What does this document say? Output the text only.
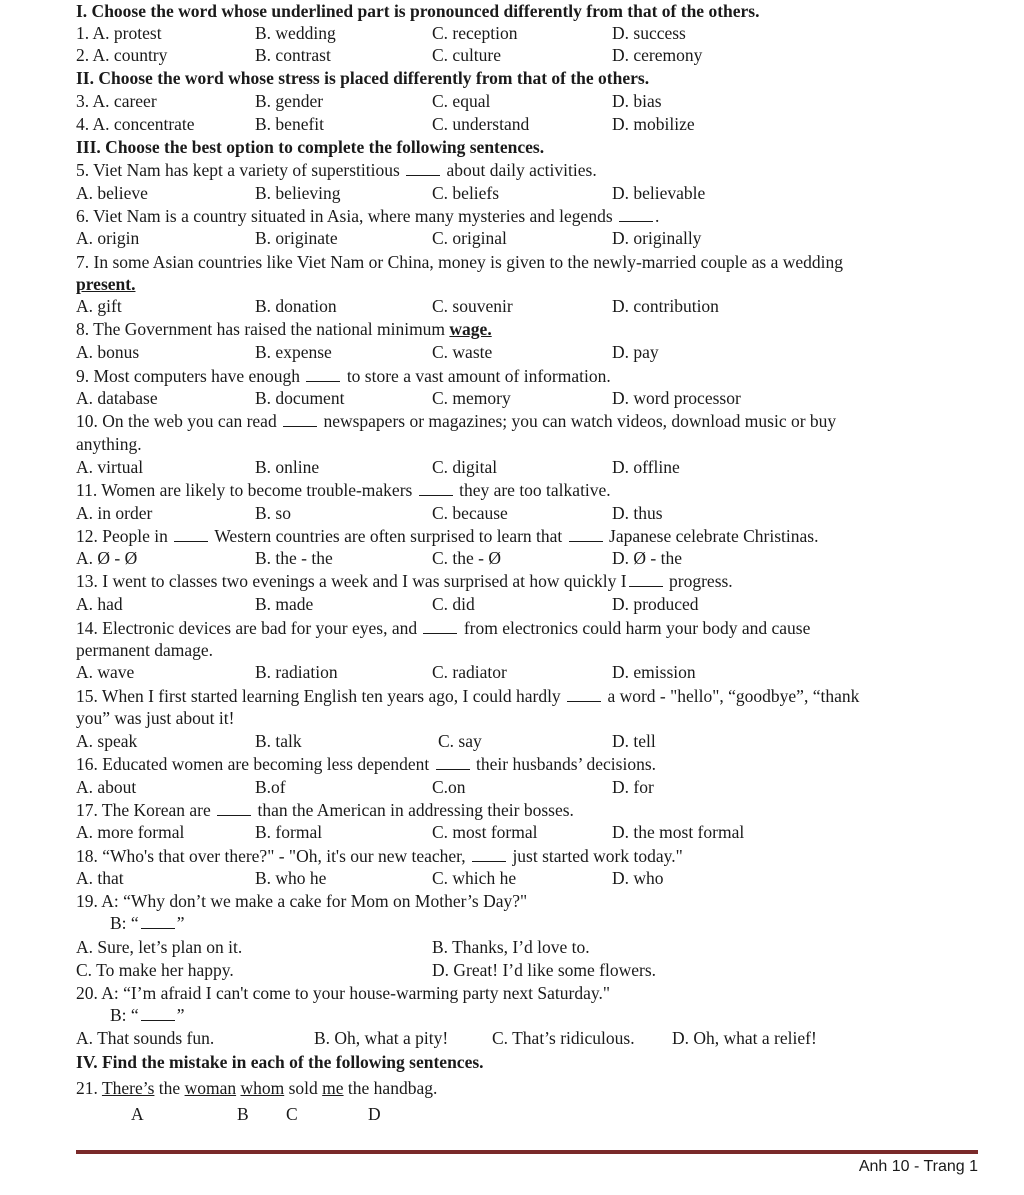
I. Choose the word whose underlined part is pronounced differently from that of the others.
1. A. protest	B. wedding	C. reception	D. success
2. A. country	B. contrast	C. culture	D. ceremony
II. Choose the word whose stress is placed differently from that of the others.
3. A. career	B. gender	C. equal	D. bias
4. A. concentrate	B. benefit	C. understand	D. mobilize
III. Choose the best option to complete the following sentences.
5. Viet Nam has kept a variety of superstitious	about daily activities.
A. believe	B. believing	C. beliefs	D. believable
6. Viet Nam is a country situated in Asia, where many mysteries and legends .
A. origin	B. originate	C. original	D. originally
7. In some Asian countries like Viet Nam or China, money is given to the newly-married couple as a wedding
present.
A. gift	B. donation	C. souvenir	D. contribution
8. The Government has raised the national minimum wage.
A. bonus	B. expense	C. waste	D. pay
9. Most computers have enough	to store a vast amount of information.
A. database	B. document	C. memory	D. word processor
10. On the web you can read	newspapers or magazines; you can watch videos, download music or buy
anything.
A. virtual	B. online	C. digital	D. offline
11. Women are likely to become trouble-makers	they are too talkative.
A. in order	B. so	C. because	D. thus
12. People in	Western countries are often surprised to learn that	Japanese celebrate Christinas.
A. Ø - Ø	B. the - the	C. the - Ø	D. Ø - the
13. I went to classes two evenings a week and I was surprised at how quickly I progress.
A. had	B. made	C. did	D. produced
14. Electronic devices are bad for your eyes, and	from electronics could harm your body and cause
permanent damage.
A. wave	B. radiation	C. radiator	D. emission
15. When I first started learning English ten years ago, I could hardly	a word - "hello", “goodbye”, “thank
you” was just about it!
A. speak	B. talk	C. say	D. tell
16. Educated women are becoming less dependent	their husbands’ decisions.
A. about	B.of	C.on	D. for
17. The Korean are	than the American in addressing their bosses.
A. more formal	B. formal	C. most formal	D. the most formal
18. “Who's that over there?" - "Oh, it's our new teacher,	just started work today."
A. that	B. who he	C. which he	D. who
19. A: “Why don’t we make a cake for Mom on Mother’s Day?"
B: “ ”
A. Sure, let’s plan on it.	B. Thanks, I’d love to.
C. To make her happy.	D. Great! I’d like some flowers.
20. A: “I’m afraid I can't come to your house-warming party next Saturday."
B: “ ”
A. That sounds fun.	B. Oh, what a pity!	C. That’s ridiculous. D. Oh, what a relief!
IV. Find the mistake in each of the following sentences.
21. There’s the woman whom sold me the handbag.
A	B C	D
Anh 10 - Trang 1
